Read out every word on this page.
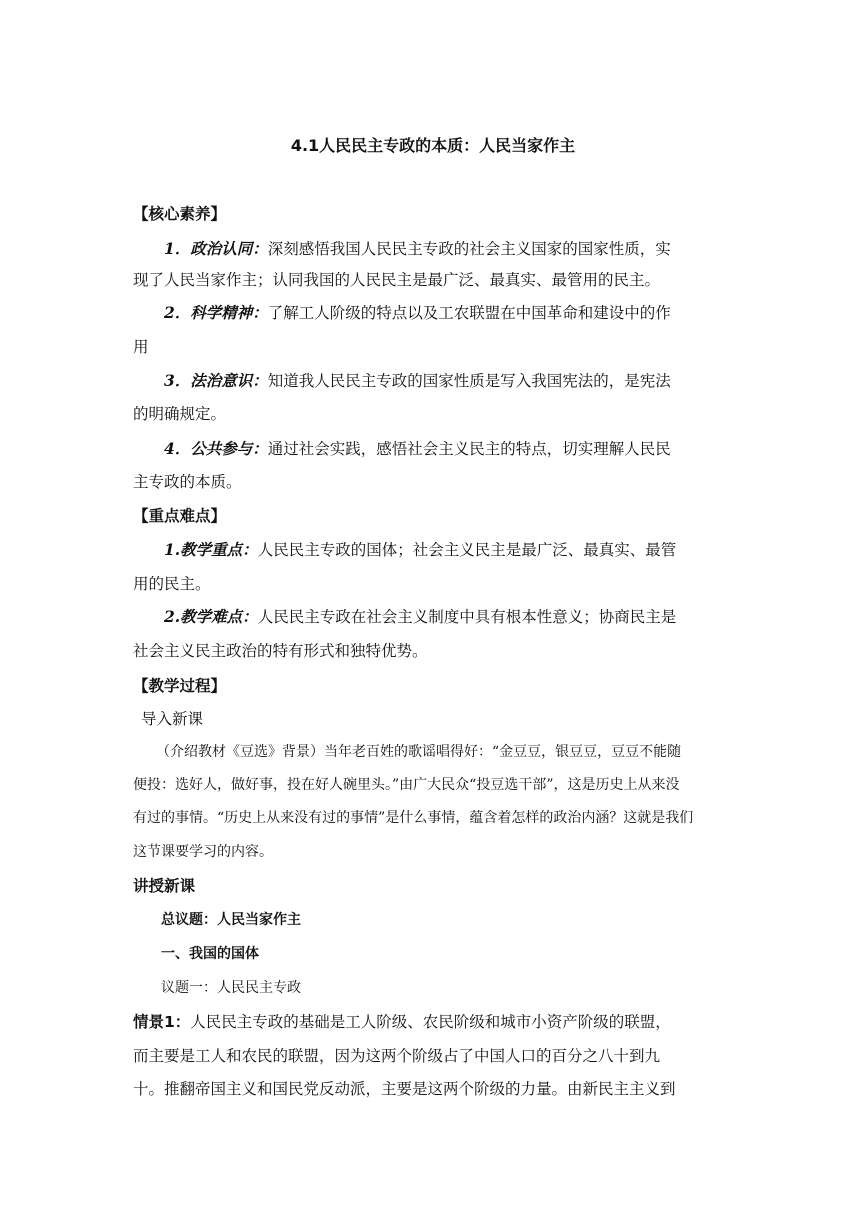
4.1人民民主专政的本质：人民当家作主
【核心素养】
1．政治认同：深刻感悟我国人民民主专政的社会主义国家的国家性质，实
现了人民当家作主；认同我国的人民民主是最广泛、最真实、最管用的民主。
2．科学精神：了解工人阶级的特点以及工农联盟在中国革命和建设中的作
用
3．法治意识：知道我人民民主专政的国家性质是写入我国宪法的，是宪法
的明确规定。
4．公共参与：通过社会实践，感悟社会主义民主的特点，切实理解人民民
主专政的本质。
【重点难点】
1.教学重点：人民民主专政的国体；社会主义民主是最广泛、最真实、最管
用的民主。
2.教学难点：人民民主专政在社会主义制度中具有根本性意义；协商民主是
社会主义民主政治的特有形式和独特优势。
【教学过程】
导入新课
（介绍教材《豆选》背景）当年老百姓的歌谣唱得好：“金豆豆，银豆豆，豆豆不能随
便投：选好人，做好事，投在好人碗里头。”由广大民众“投豆选干部”，这是历史上从来没
有过的事情。“历史上从来没有过的事情”是什么事情，蕴含着怎样的政治内涵？这就是我们
这节课要学习的内容。
讲授新课
总议题：人民当家作主
一、我国的国体
议题一：人民民主专政
情景1：人民民主专政的基础是工人阶级、农民阶级和城市小资产阶级的联盟，
而主要是工人和农民的联盟，因为这两个阶级占了中国人口的百分之八十到九
十。推翻帝国主义和国民党反动派，主要是这两个阶级的力量。由新民主主义到
